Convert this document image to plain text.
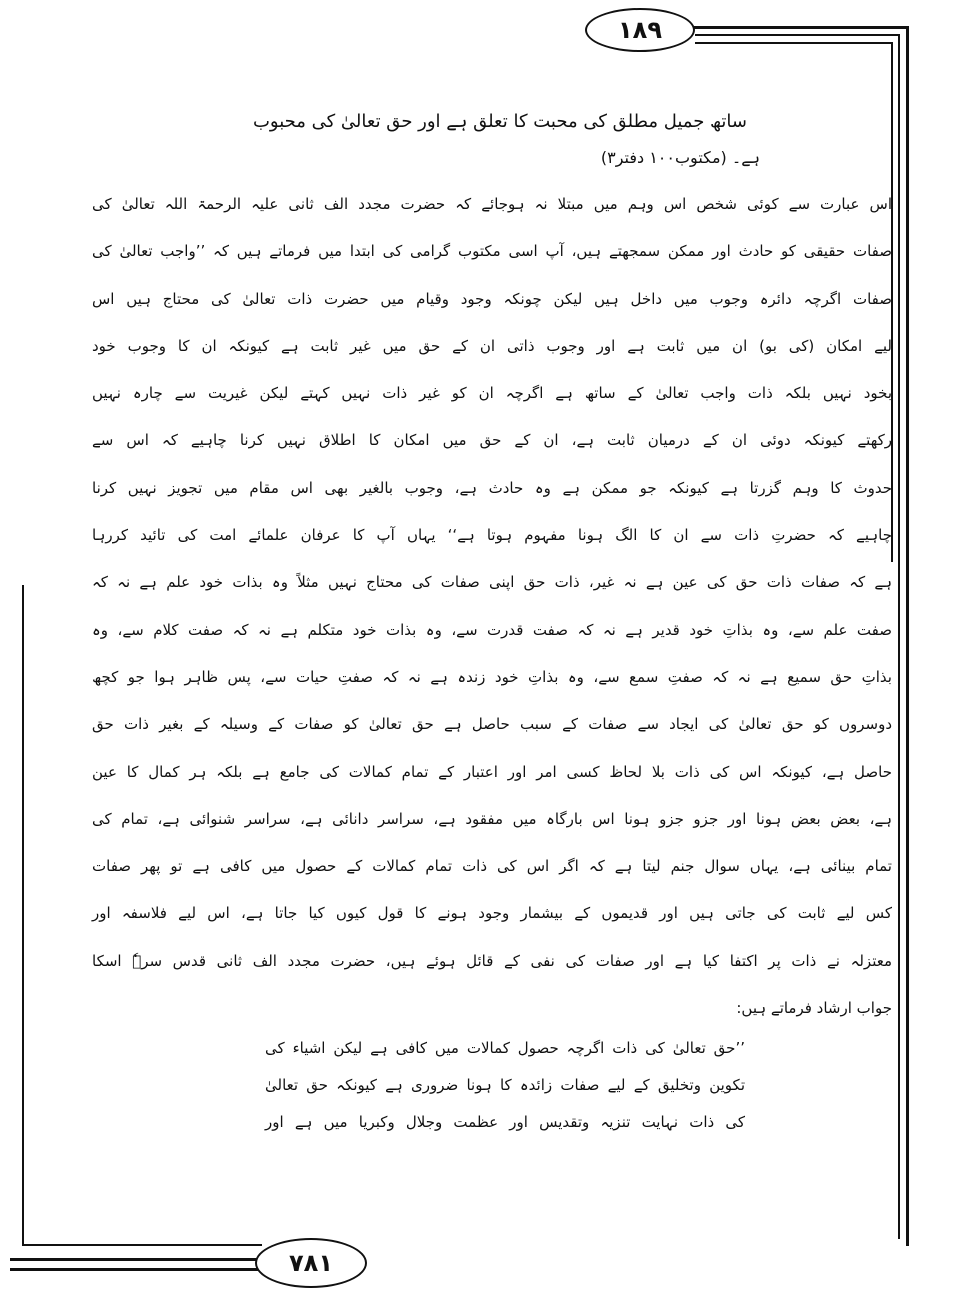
۱۸۹
۷۸۱
ساتھ جمیل مطلق کی محبت کا تعلق ہے اور حق تعالیٰ کی محبوب
ہے۔ (مکتوب۱۰۰ دفتر۳)
اس عبارت سے کوئی شخص اس وہم میں مبتلا نہ ہوجائے کہ حضرت مجدد الف ثانی علیہ الرحمۃ اللہ تعالیٰ کی
صفات حقیقی کو حادث اور ممکن سمجھتے ہیں، آپ اسی مکتوب گرامی کی ابتدا میں فرماتے ہیں کہ ’’واجب تعالیٰ کی
صفات اگرچہ دائرہ وجوب میں داخل ہیں لیکن چونکہ وجود وقیام میں حضرت ذات تعالیٰ کی محتاج ہیں اس
لیے امکان (کی بو) ان میں ثابت ہے اور وجوب ذاتی ان کے حق میں غیر ثابت ہے کیونکہ ان کا وجوب خود
بخود نہیں بلکہ ذات واجب تعالیٰ کے ساتھ ہے اگرچہ ان کو غیر ذات نہیں کہتے لیکن غیریت سے چارہ نہیں
رکھتے کیونکہ دوئی ان کے درمیان ثابت ہے، ان کے حق میں امکان کا اطلاق نہیں کرنا چاہیے کہ اس سے
حدوث کا وہم گزرتا ہے کیونکہ جو ممکن ہے وہ حادث ہے، وجوب بالغیر بھی اس مقام میں تجویز نہیں کرنا
چاہیے کہ حضرتِ ذات سے ان کا الگ ہونا مفہوم ہوتا ہے‘‘ یہاں آپ کا عرفان علمائے امت کی تائید کررہا
ہے کہ صفات ذات حق کی عین ہے نہ غیر، ذات حق اپنی صفات کی محتاج نہیں مثلاً وہ بذات خود علم ہے نہ کہ
صفت علم سے، وہ بذاتِ خود قدیر ہے نہ کہ صفت قدرت سے، وہ بذات خود متکلم ہے نہ کہ صفت کلام سے، وہ
بذاتِ حق سمیع ہے نہ کہ صفتِ سمع سے، وہ بذاتِ خود زندہ ہے نہ کہ صفتِ حیات سے، پس ظاہر ہوا جو کچھ
دوسروں کو حق تعالیٰ کی ایجاد سے صفات کے سبب حاصل ہے حق تعالیٰ کو صفات کے وسیلہ کے بغیر ذات حق
حاصل ہے، کیونکہ اس کی ذات بلا لحاظ کسی امر اور اعتبار کے تمام کمالات کی جامع ہے بلکہ ہر کمال کا عین
ہے، بعض بعض ہونا اور جزو جزو ہونا اس بارگاہ میں مفقود ہے، سراسر دانائی ہے، سراسر شنوائی ہے، تمام کی
تمام بینائی ہے، یہاں سوال جنم لیتا ہے کہ اگر اس کی ذات تمام کمالات کے حصول میں کافی ہے تو پھر صفات
کس لیے ثابت کی جاتی ہیں اور قدیموں کے بیشمار وجود ہونے کا قول کیوں کیا جاتا ہے، اس لیے فلاسفہ اور
معتزلہ نے ذات پر اکتفا کیا ہے اور صفات کی نفی کے قائل ہوئے ہیں، حضرت مجدد الف ثانی قدس سرہٗ اسکا
جواب ارشاد فرماتے ہیں:
’’حق تعالیٰ کی ذات اگرچہ حصول کمالات میں کافی ہے لیکن اشیاء کی
تکوین وتخلیق کے لیے صفات زائدہ کا ہونا ضروری ہے کیونکہ حق تعالیٰ
کی ذات نہایت تنزیہ وتقدیس اور عظمت وجلال وکبریا میں ہے اور
